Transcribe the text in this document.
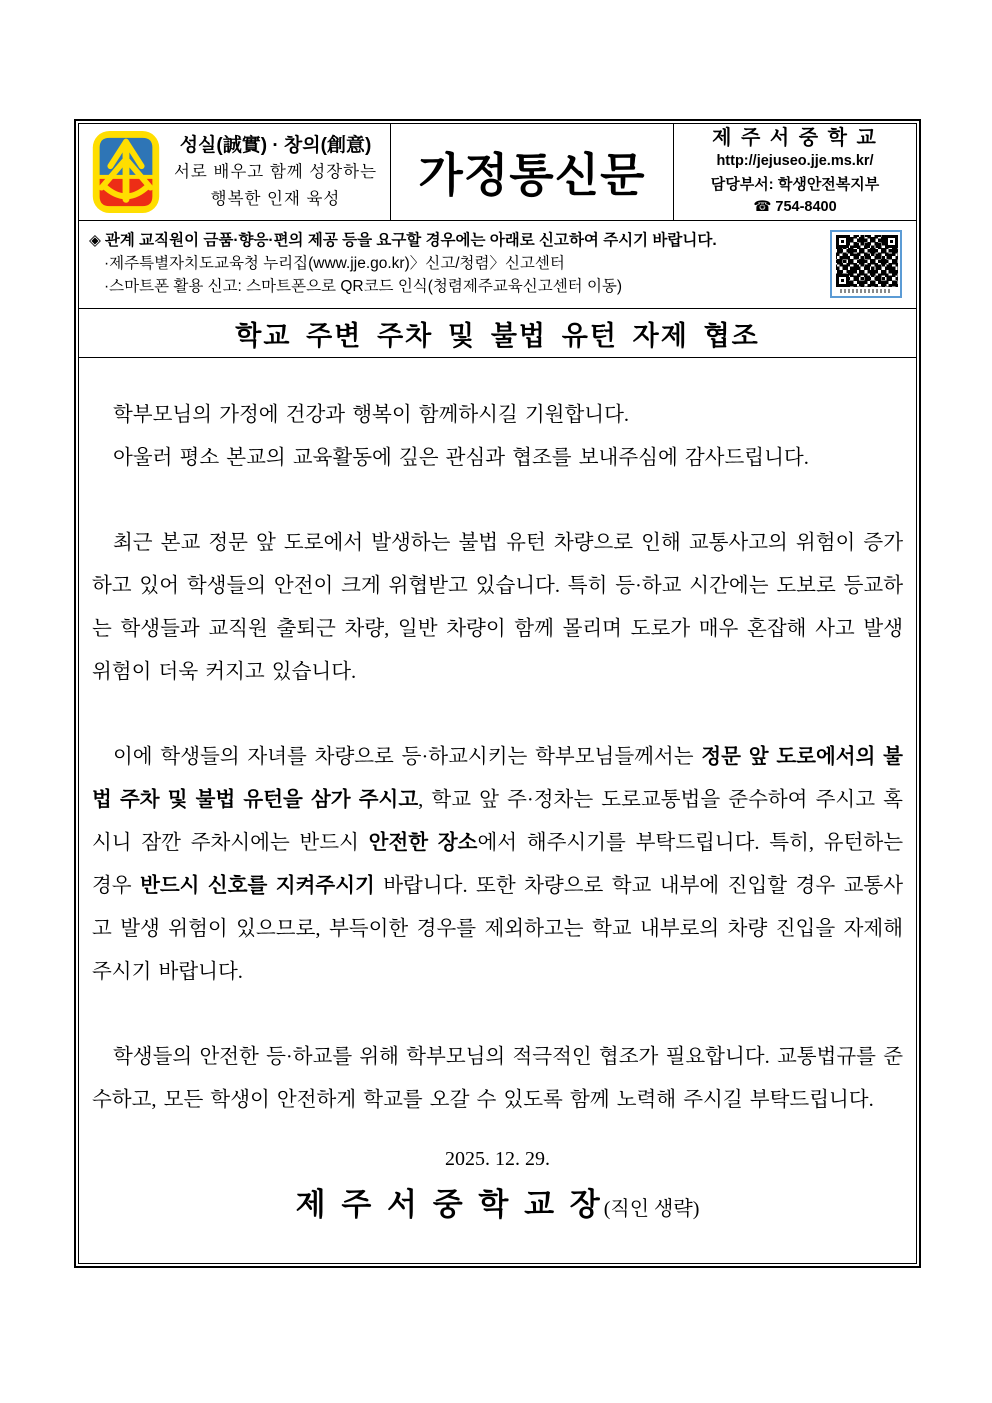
성실(誠實) · 창의(創意)
서로 배우고 함께 성장하는
행복한 인재 육성	가정통신문
제 주 서 중 학 교
http://jejuseo.jje.ms.kr/
담당부서: 학생안전복지부
☎ 754-8400
◈ 관계 교직원이 금품·향응·편의 제공 등을 요구할 경우에는 아래로 신고하여 주시기 바랍니다.
·제주특별자치도교육청 누리집(www.jje.go.kr)〉신고/청렴〉신고센터
·스마트폰 활용 신고: 스마트폰으로 QR코드 인식(청렴제주교육신고센터 이동)
학교 주변 주차 및 불법 유턴 자제 협조

학부모님의 가정에 건강과 행복이 함께하시길 기원합니다.

아울러 평소 본교의 교육활동에 깊은 관심과 협조를 보내주심에 감사드립니다.

최근 본교 정문 앞 도로에서 발생하는 불법 유턴 차량으로 인해 교통사고의 위험이 증가하고 있어 학생들의 안전이 크게 위협받고 있습니다. 특히 등·하교 시간에는 도보로 등교하는 학생들과 교직원 출퇴근 차량, 일반 차량이 함께 몰리며 도로가 매우 혼잡해 사고 발생 위험이 더욱 커지고 있습니다.

이에 학생들의 자녀를 차량으로 등·하교시키는 학부모님들께서는 정문 앞 도로에서의 불법 주차 및 불법 유턴을 삼가 주시고, 학교 앞 주·정차는 도로교통법을 준수하여 주시고 혹시니 잠깐 주차시에는 반드시 안전한 장소에서 해주시기를 부탁드립니다. 특히, 유턴하는 경우 반드시 신호를 지켜주시기 바랍니다. 또한 차량으로 학교 내부에 진입할 경우 교통사고 발생 위험이 있으므로, 부득이한 경우를 제외하고는 학교 내부로의 차량 진입을 자제해 주시기 바랍니다.

학생들의 안전한 등·하교를 위해 학부모님의 적극적인 협조가 필요합니다. 교통법규를 준수하고, 모든 학생이 안전하게 학교를 오갈 수 있도록 함께 노력해 주시길 부탁드립니다.

2025. 12. 29.
제 주 서 중 학 교 장(직인 생략)
